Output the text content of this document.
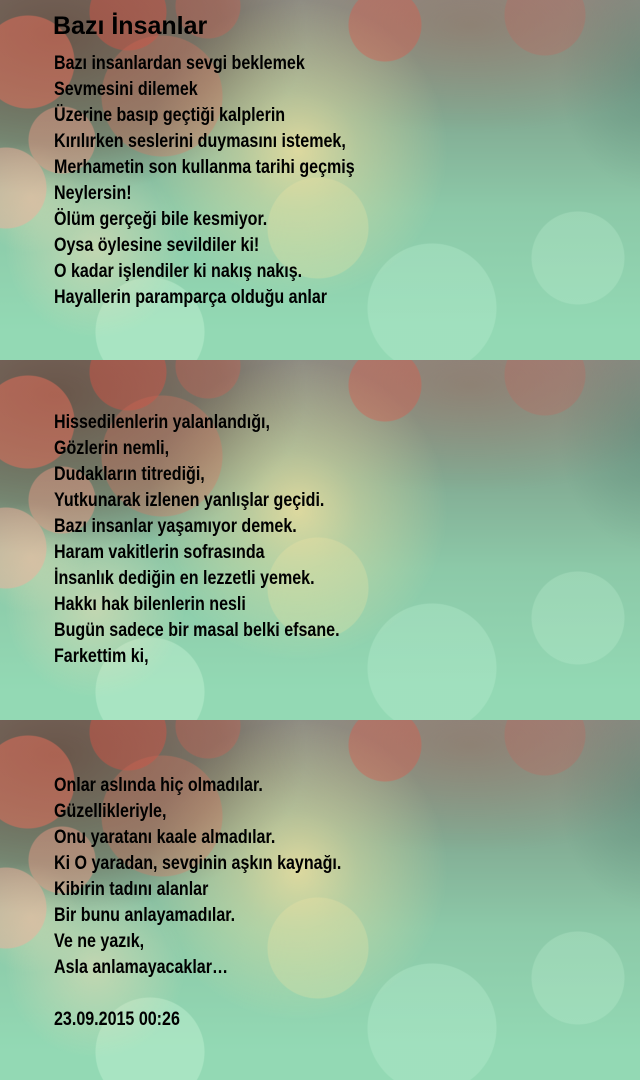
Bazı İnsanlar
Bazı insanlardan sevgi beklemek
Sevmesini dilemek
Üzerine basıp geçtiği kalplerin
Kırılırken seslerini duymasını istemek,
Merhametin son kullanma tarihi geçmiş
Neylersin!
Ölüm gerçeği bile kesmiyor.
Oysa öylesine sevildiler ki!
O kadar işlendiler ki nakış nakış.
Hayallerin paramparça olduğu anlar
Hissedilenlerin yalanlandığı,
Gözlerin nemli,
Dudakların titrediği,
Yutkunarak izlenen yanlışlar geçidi.
Bazı insanlar yaşamıyor demek.
Haram vakitlerin sofrasında
İnsanlık dediğin en lezzetli yemek.
Hakkı hak bilenlerin nesli
Bugün sadece bir masal belki efsane.
Farkettim ki,
Onlar aslında hiç olmadılar.
Güzellikleriyle,
Onu yaratanı kaale almadılar.
Ki O yaradan, sevginin aşkın kaynağı.
Kibirin tadını alanlar
Bir bunu anlayamadılar.
Ve ne yazık,
Asla anlamayacaklar…
23.09.2015 00:26
